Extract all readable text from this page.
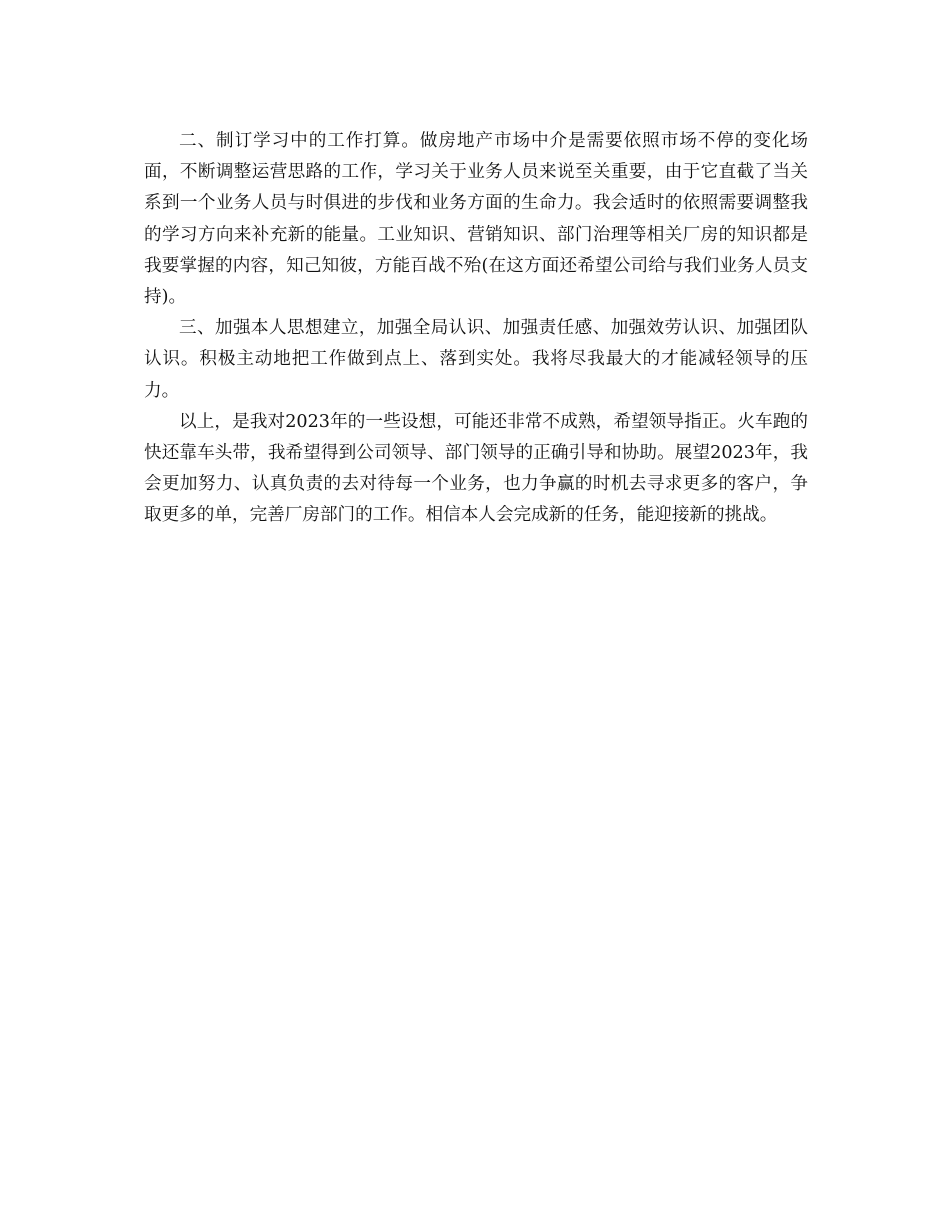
二、制订学习中的工作打算。做房地产市场中介是需要依照市场不停的变化场面，不断调整运营思路的工作，学习关于业务人员来说至关重要，由于它直截了当关系到一个业务人员与时俱进的步伐和业务方面的生命力。我会适时的依照需要调整我的学习方向来补充新的能量。工业知识、营销知识、部门治理等相关厂房的知识都是我要掌握的内容，知己知彼，方能百战不殆(在这方面还希望公司给与我们业务人员支持)。

三、加强本人思想建立，加强全局认识、加强责任感、加强效劳认识、加强团队认识。积极主动地把工作做到点上、落到实处。我将尽我最大的才能减轻领导的压力。

以上，是我对2023年的一些设想，可能还非常不成熟，希望领导指正。火车跑的快还靠车头带，我希望得到公司领导、部门领导的正确引导和协助。展望2023年，我会更加努力、认真负责的去对待每一个业务，也力争赢的时机去寻求更多的客户，争取更多的单，完善厂房部门的工作。相信本人会完成新的任务，能迎接新的挑战。
